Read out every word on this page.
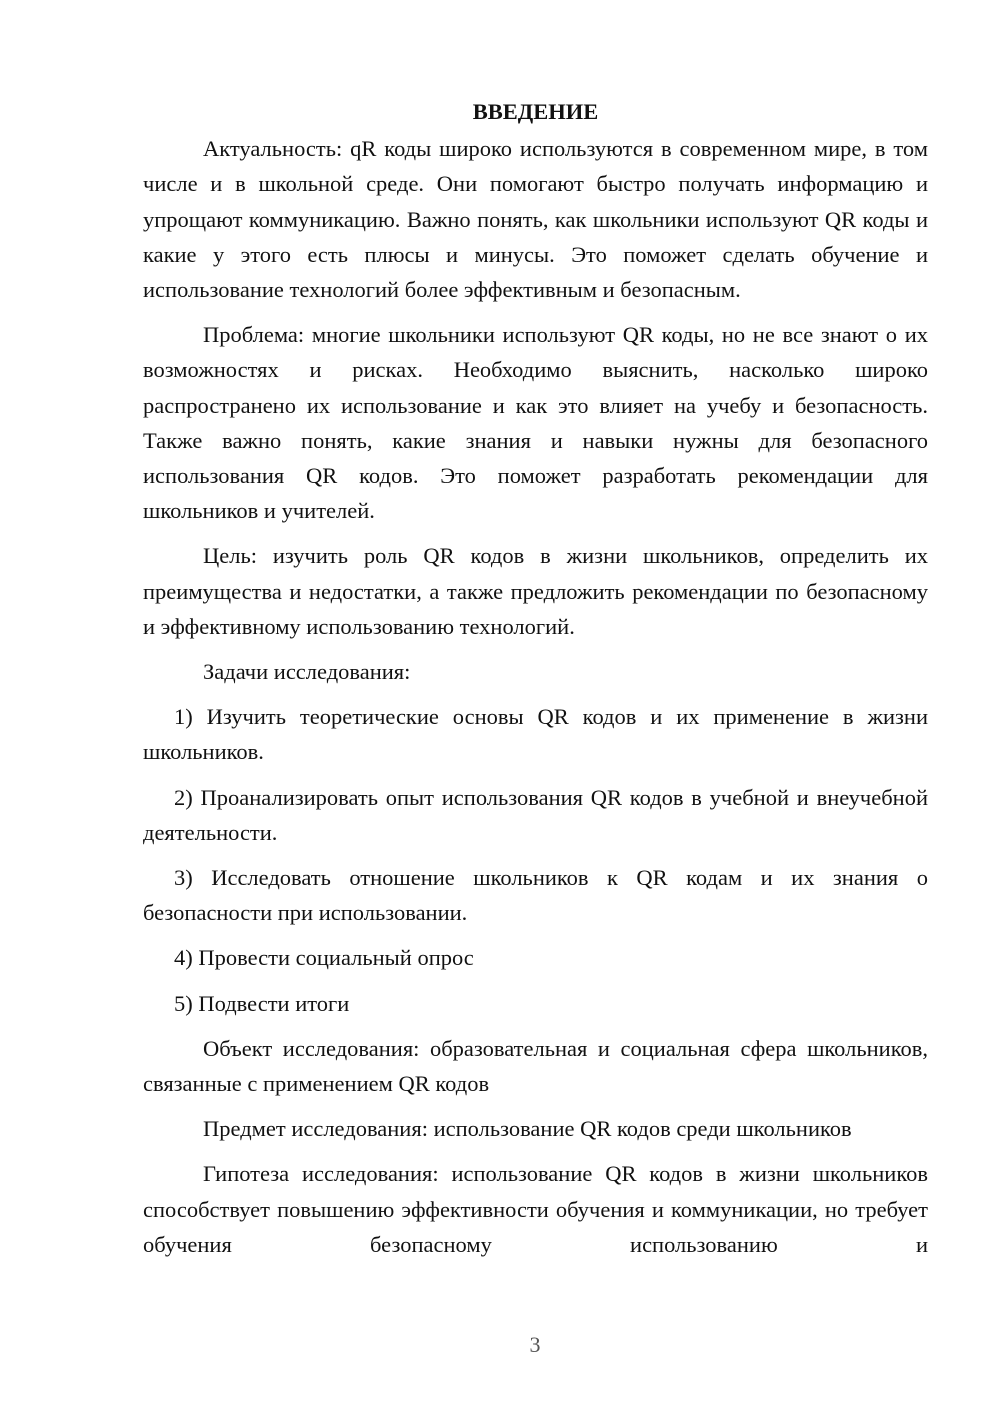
ВВЕДЕНИЕ

Актуальность: qR коды широко используются в современном мире, в том числе и в школьной среде. Они помогают быстро получать информацию и упрощают коммуникацию. Важно понять, как школьники используют QR коды и какие у этого есть плюсы и минусы. Это поможет сделать обучение и использование технологий более эффективным и безопасным.

Проблема: многие школьники используют QR коды, но не все знают о их возможностях и рисках. Необходимо выяснить, насколько широко распространено их использование и как это влияет на учебу и безопасность. Также важно понять, какие знания и навыки нужны для безопасного использования QR кодов. Это поможет разработать рекомендации для школьников и учителей.

Цель: изучить роль QR кодов в жизни школьников, определить их преимущества и недостатки, а также предложить рекомендации по безопасному и эффективному использованию технологий.

Задачи исследования:

1) Изучить теоретические основы QR кодов и их применение в жизни школьников.

2) Проанализировать опыт использования QR кодов в учебной и внеучебной деятельности.

3) Исследовать отношение школьников к QR кодам и их знания о безопасности при использовании.

4) Провести социальный опрос

5) Подвести итоги

Объект исследования: образовательная и социальная сфера школьников, связанные с применением QR кодов

Предмет исследования: использование QR кодов среди школьников

Гипотеза исследования: использование QR кодов в жизни школьников способствует повышению эффективности обучения и коммуникации, но требует обучения безопасному использованию и

3
